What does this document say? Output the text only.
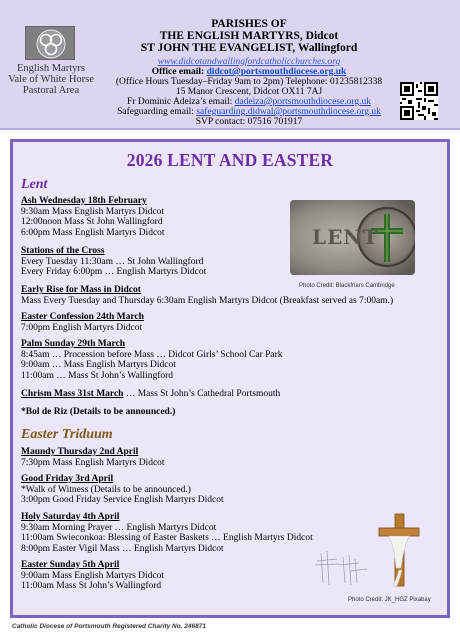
English Martyrs
Vale of White Horse
Pastoral Area
PARISHES OF
THE ENGLISH MARTYRS, Didcot
ST JOHN THE EVANGELIST, Wallingford
www.didcotandwallingfordcatholicchurches.org
Office email: didcot@portsmouthdiocese.org.uk
(Office Hours Tuesday–Friday 9am to 2pm) Telephone: 01235812338
15 Manor Crescent, Didcot OX11 7AJ
Fr Dominic Adeiza’s email: dadeiza@portsmouthdiocese.org.uk
Safeguarding email: safeguarding.didwal@portsmouthdiocese.org.uk
SVP contact: 07516 701917
2026 LENT AND EASTER
Lent
Ash Wednesday 18th February
9:30am Mass English Martyrs Didcot
12:00noon Mass St John Wallingford
6:00pm Mass English Martyrs Didcot
Stations of the Cross
Every Tuesday 11:30am … St John Wallingford
Every Friday 6:00pm … English Martyrs Didcot
Early Rise for Mass in Didcot
Mass Every Tuesday and Thursday 6:30am English Martyrs Didcot (Breakfast served as 7:00am.)
Easter Confession 24th March
7:00pm English Martyrs Didcot
Palm Sunday 29th March
8:45am … Procession before Mass … Didcot Girls’ School Car Park
9:00am … Mass English Martyrs Didcot
11:00am … Mass St John’s Wallingford
Chrism Mass 31st March … Mass St John’s Cathedral Portsmouth
*Bol de Riz (Details to be announced.)
Easter Triduum
Maundy Thursday 2nd April
7:30pm Mass English Martyrs Didcot
Good Friday 3rd April
*Walk of Witness (Details to be announced.)
3:00pm Good Friday Service English Martyrs Didcot
Holy Saturday 4th April
9:30am Morning Prayer … English Martyrs Didcot
11:00am Swieconkoa: Blessing of Easter Baskets … English Martyrs Didcot
8:00pm Easter Vigil Mass … English Martyrs Didcot
Easter Sunday 5th April
9:00am Mass English Martyrs Didcot
11:00am Mass St John’s Wallingford
LENT
Photo Credit: Blackfriars Cambridge
Photo Credit: JK_HGZ Pixabay
Catholic Diocese of Portsmouth Registered Charity No. 246871
